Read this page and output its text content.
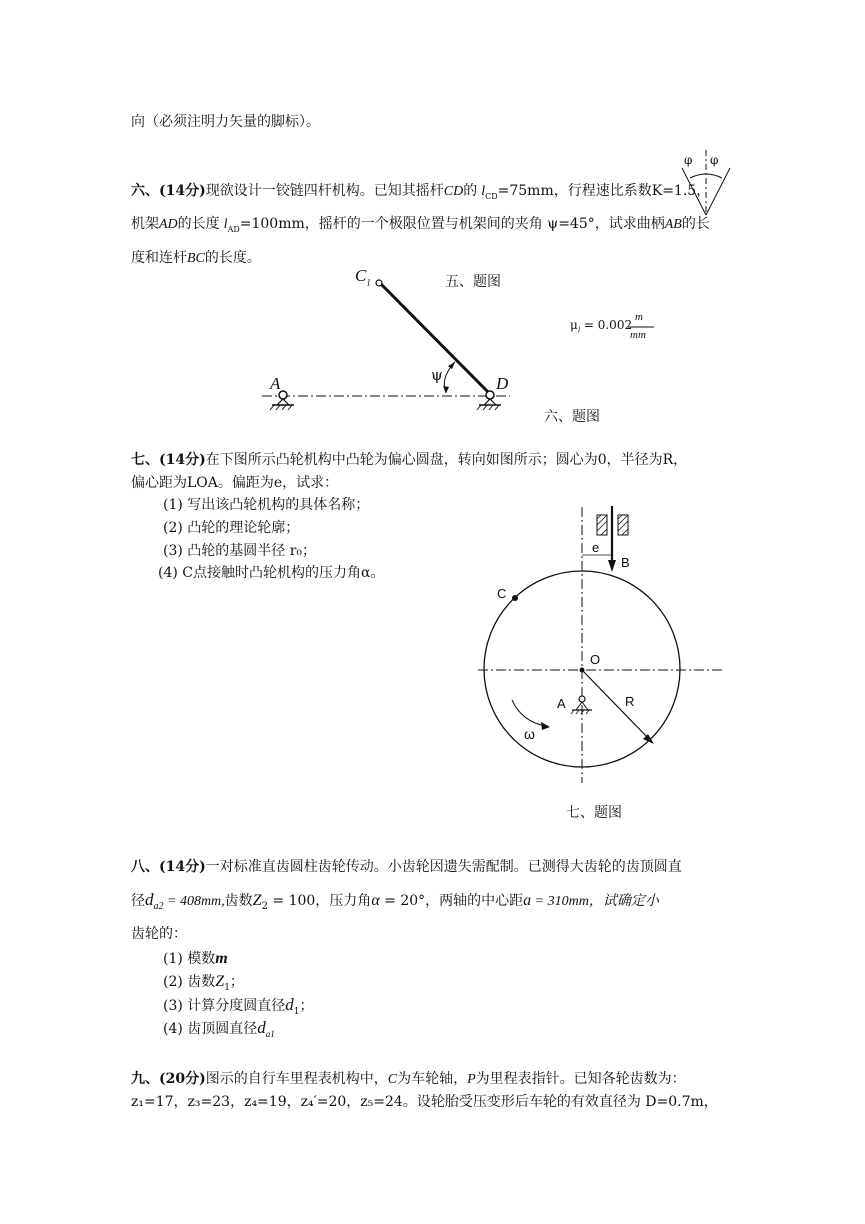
向（必须注明力矢量的脚标）。
六、(14分)现欲设计一铰链四杆机构。已知其摇杆CD的 $l_{CD}=75mm$，行程速比系数K=1.5，
机架AD的长度 $l_{AD}=100mm$，摇杆的一个极限位置与机架间的夹角 ψ=45°，试求曲柄AB的长
度和连杆BC的长度。
φ φ
五、题图
$C_1$
A	D
ψ
$\mu_l = 0.002$
m
mm
六、题图
七、(14分)在下图所示凸轮机构中凸轮为偏心圆盘，转向如图所示；圆心为0，半径为R，
偏心距为LOA。偏距为e，试求：
(1) 写出该凸轮机构的具体名称；
(2) 凸轮的理论轮廓；
(3) 凸轮的基圆半径 r₀；
(4) C点接触时凸轮机构的压力角α。
B
C
e
O
A	R
ω
七、题图
八、(14分)一对标准直齿圆柱齿轮传动。小齿轮因遗失需配制。已测得大齿轮的齿顶圆直
径$d_{a2} = 408mm$,齿数$Z_2 = 100$，压力角α = 20°，两轴的中心距a = 310mm，试确定小
齿轮的：
(1) 模数m
(2) 齿数$Z_1$；
(3) 计算分度圆直径$d_1$；
(4) 齿顶圆直径$d_{a1}$
九、(20分)图示的自行车里程表机构中，C为车轮轴，P为里程表指针。已知各轮齿数为：
z₁=17，z₃=23，z₄=19，z₄′=20，z₅=24。设轮胎受压变形后车轮的有效直径为 D=0.7m，
